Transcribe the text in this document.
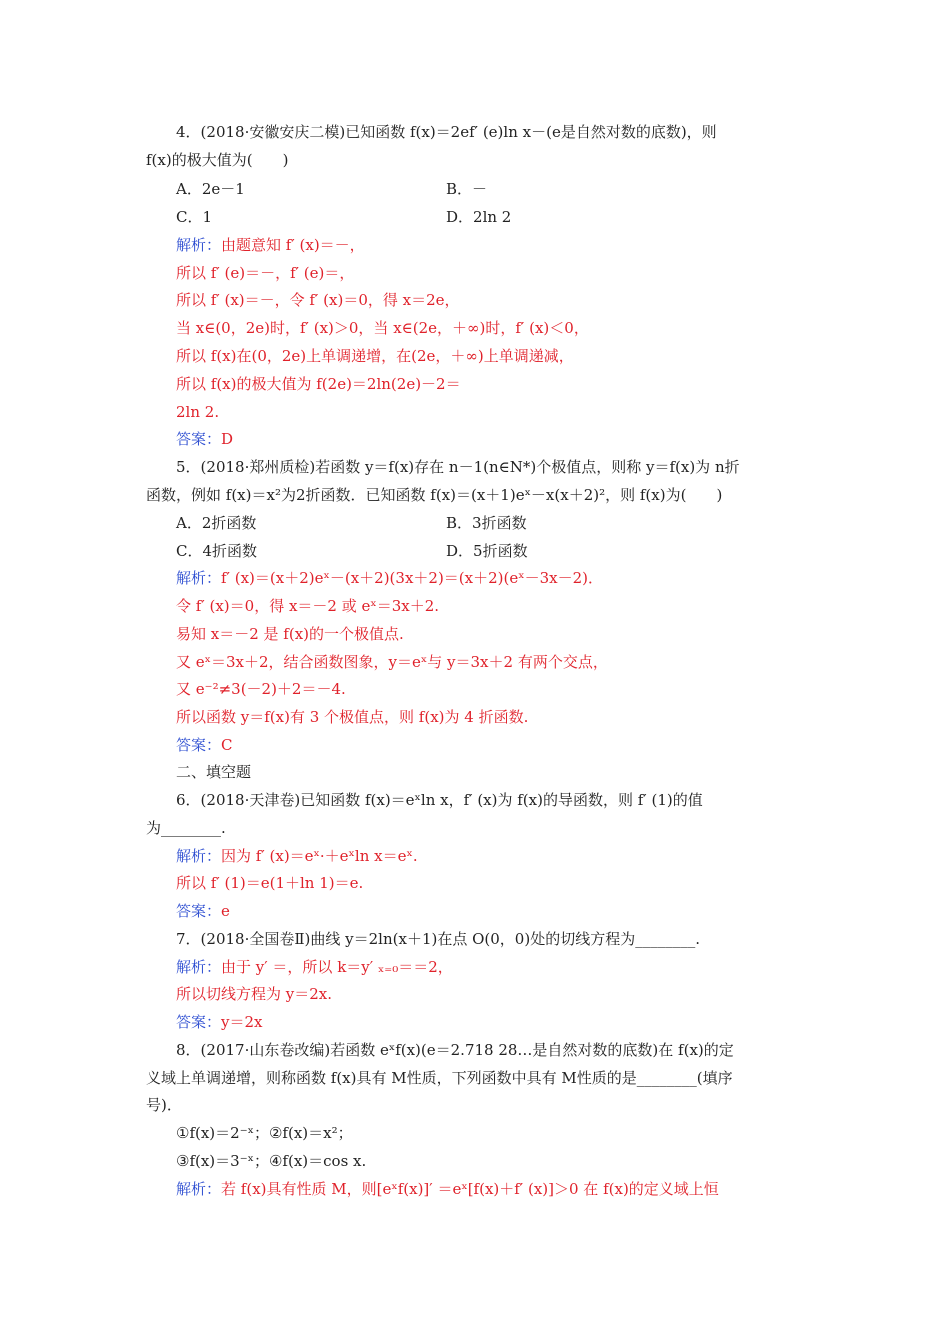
4．(2018·安徽安庆二模)已知函数 f(x)＝2ef′ (e)ln x－(e是自然对数的底数)，则
f(x)的极大值为(　　)
A．2e－1	B．－
C．1	D．2ln 2
解析：由题意知 f′ (x)＝－，
所以 f′ (e)＝－，f′ (e)＝，
所以 f′ (x)＝－，令 f′ (x)＝0，得 x＝2e，
当 x∈(0，2e)时，f′ (x)＞0，当 x∈(2e，＋∞)时，f′ (x)＜0，
所以 f(x)在(0，2e)上单调递增，在(2e，＋∞)上单调递减，
所以 f(x)的极大值为 f(2e)＝2ln(2e)－2＝
2ln 2.
答案：D
5．(2018·郑州质检)若函数 y＝f(x)存在 n－1(n∈N*)个极值点，则称 y＝f(x)为 n折
函数，例如 f(x)＝x²为2折函数．已知函数 f(x)＝(x＋1)eˣ－x(x＋2)²，则 f(x)为(　　)
A．2折函数	B．3折函数
C．4折函数	D．5折函数
解析：f′ (x)＝(x＋2)eˣ－(x＋2)(3x＋2)＝(x＋2)(eˣ－3x－2)．
令 f′ (x)＝0，得 x＝－2 或 eˣ＝3x＋2.
易知 x＝－2 是 f(x)的一个极值点.
又 eˣ＝3x＋2，结合函数图象，y＝eˣ与 y＝3x＋2 有两个交点，
又 e⁻²≠3(－2)＋2＝－4.
所以函数 y＝f(x)有 3 个极值点，则 f(x)为 4 折函数.
答案：C
二、填空题
6．(2018·天津卷)已知函数 f(x)＝eˣln x，f′ (x)为 f(x)的导函数，则 f′ (1)的值
为________.
解析：因为 f′ (x)＝eˣ·＋eˣln x＝eˣ.
所以 f′ (1)＝e(1＋ln 1)＝e.
答案：e
7．(2018·全国卷Ⅱ)曲线 y＝2ln(x＋1)在点 O(0，0)处的切线方程为________.
解析：由于 y′ ＝，所以 k＝y′ ₓ₌₀＝＝2，
所以切线方程为 y＝2x.
答案：y＝2x
8．(2017·山东卷改编)若函数 eˣf(x)(e＝2.718 28…是自然对数的底数)在 f(x)的定
义域上单调递增，则称函数 f(x)具有 M性质，下列函数中具有 M性质的是________(填序
号)．
①f(x)＝2⁻ˣ；②f(x)＝x²；
③f(x)＝3⁻ˣ；④f(x)＝cos x.
解析：若 f(x)具有性质 M，则[eˣf(x)]′ ＝eˣ[f(x)＋f′ (x)]＞0 在 f(x)的定义域上恒
